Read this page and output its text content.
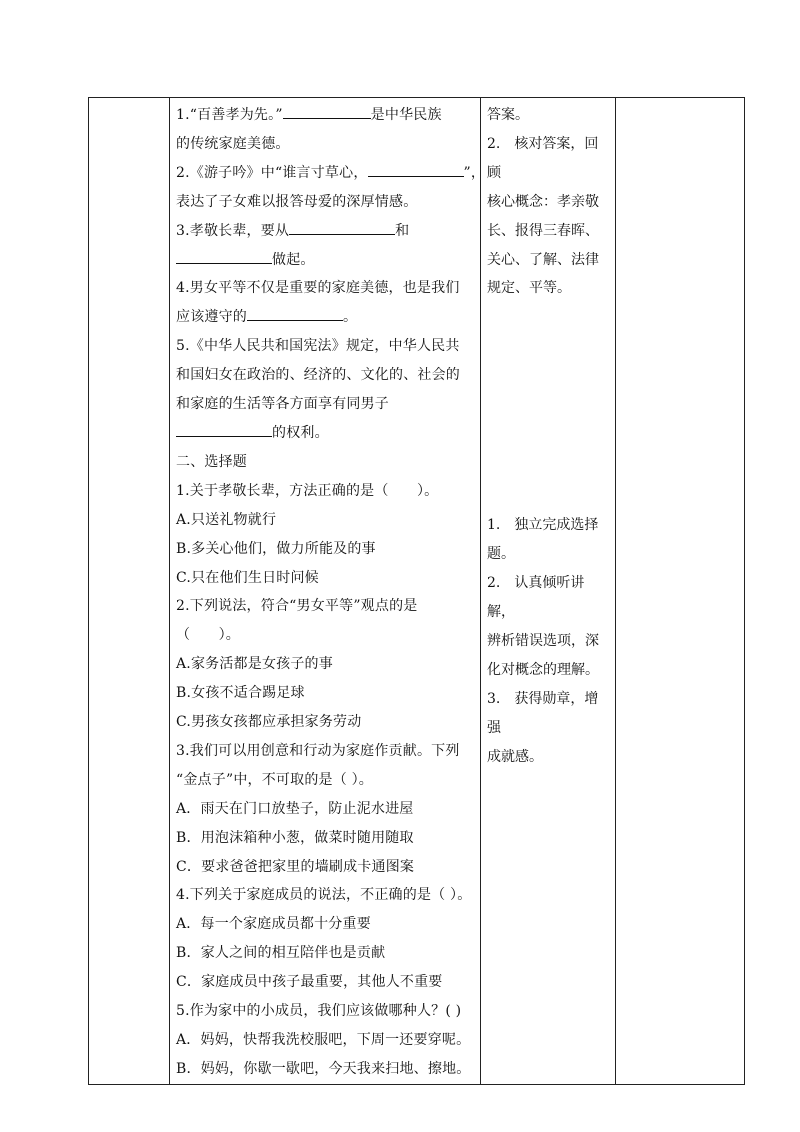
1.“百善孝为先。”	是中华民族
的传统家庭美德。
2.《游子吟》中“谁言寸草心，	”，
表达了子女难以报答母爱的深厚情感。
3.孝敬长辈，要从	和
做起。
4.男女平等不仅是重要的家庭美德，也是我们
应该遵守的	。
5.《中华人民共和国宪法》规定，中华人民共
和国妇女在政治的、经济的、文化的、社会的
和家庭的生活等各方面享有同男子
的权利。
二、选择题
1.关于孝敬长辈，方法正确的是（　　）。
A.只送礼物就行
B.多关心他们，做力所能及的事
C.只在他们生日时问候
2.下列说法，符合“男女平等”观点的是
（　　）。
A.家务活都是女孩子的事
B.女孩不适合踢足球
C.男孩女孩都应承担家务劳动
3.我们可以用创意和行动为家庭作贡献。下列
“金点子”中，不可取的是（ ）。
A．雨天在门口放垫子，防止泥水进屋
B．用泡沫箱种小葱，做菜时随用随取
C．要求爸爸把家里的墙刷成卡通图案
4.下列关于家庭成员的说法，不正确的是（ ）。
A．每一个家庭成员都十分重要
B．家人之间的相互陪伴也是贡献
C．家庭成员中孩子最重要，其他人不重要
5.作为家中的小成员，我们应该做哪种人？( )
A．妈妈，快帮我洗校服吧，下周一还要穿呢。
B．妈妈，你歇一歇吧，今天我来扫地、擦地。

答案。
2.　核对答案，回顾
核心概念：孝亲敬
长、报得三春晖、
关心、了解、法律
规定、平等。
1.　独立完成选择
题。
2.　认真倾听讲解，
辨析错误选项，深
化对概念的理解。
3.　获得勋章，增强
成就感。
